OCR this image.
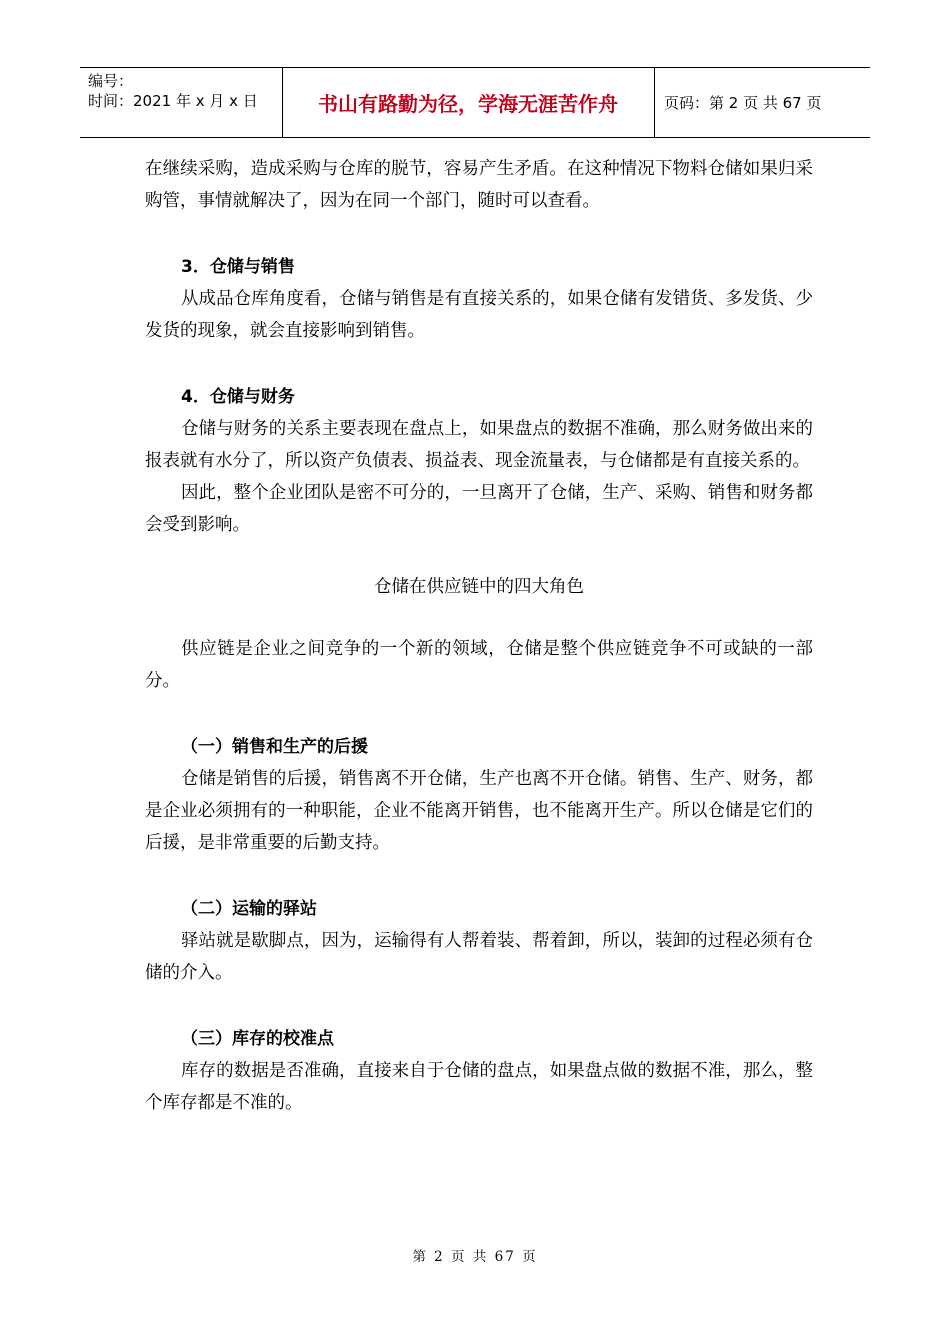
编号：
时间：2021 年 x 月 x 日	书山有路勤为径，学海无涯苦作舟	页码：第 2 页 共 67 页

在继续采购，造成采购与仓库的脱节，容易产生矛盾。在这种情况下物料仓储如果归采购管，事情就解决了，因为在同一个部门，随时可以查看。

3．仓储与销售

从成品仓库角度看，仓储与销售是有直接关系的，如果仓储有发错货、多发货、少发货的现象，就会直接影响到销售。

4．仓储与财务

仓储与财务的关系主要表现在盘点上，如果盘点的数据不准确，那么财务做出来的报表就有水分了，所以资产负债表、损益表、现金流量表，与仓储都是有直接关系的。

因此，整个企业团队是密不可分的，一旦离开了仓储，生产、采购、销售和财务都会受到影响。

仓储在供应链中的四大角色

供应链是企业之间竞争的一个新的领域，仓储是整个供应链竞争不可或缺的一部分。

（一）销售和生产的后援

仓储是销售的后援，销售离不开仓储，生产也离不开仓储。销售、生产、财务，都是企业必须拥有的一种职能，企业不能离开销售，也不能离开生产。所以仓储是它们的后援，是非常重要的后勤支持。

（二）运输的驿站

驿站就是歇脚点，因为，运输得有人帮着装、帮着卸，所以，装卸的过程必须有仓储的介入。

（三）库存的校准点

库存的数据是否准确，直接来自于仓储的盘点，如果盘点做的数据不准，那么，整个库存都是不准的。

第 2 页 共 67 页
